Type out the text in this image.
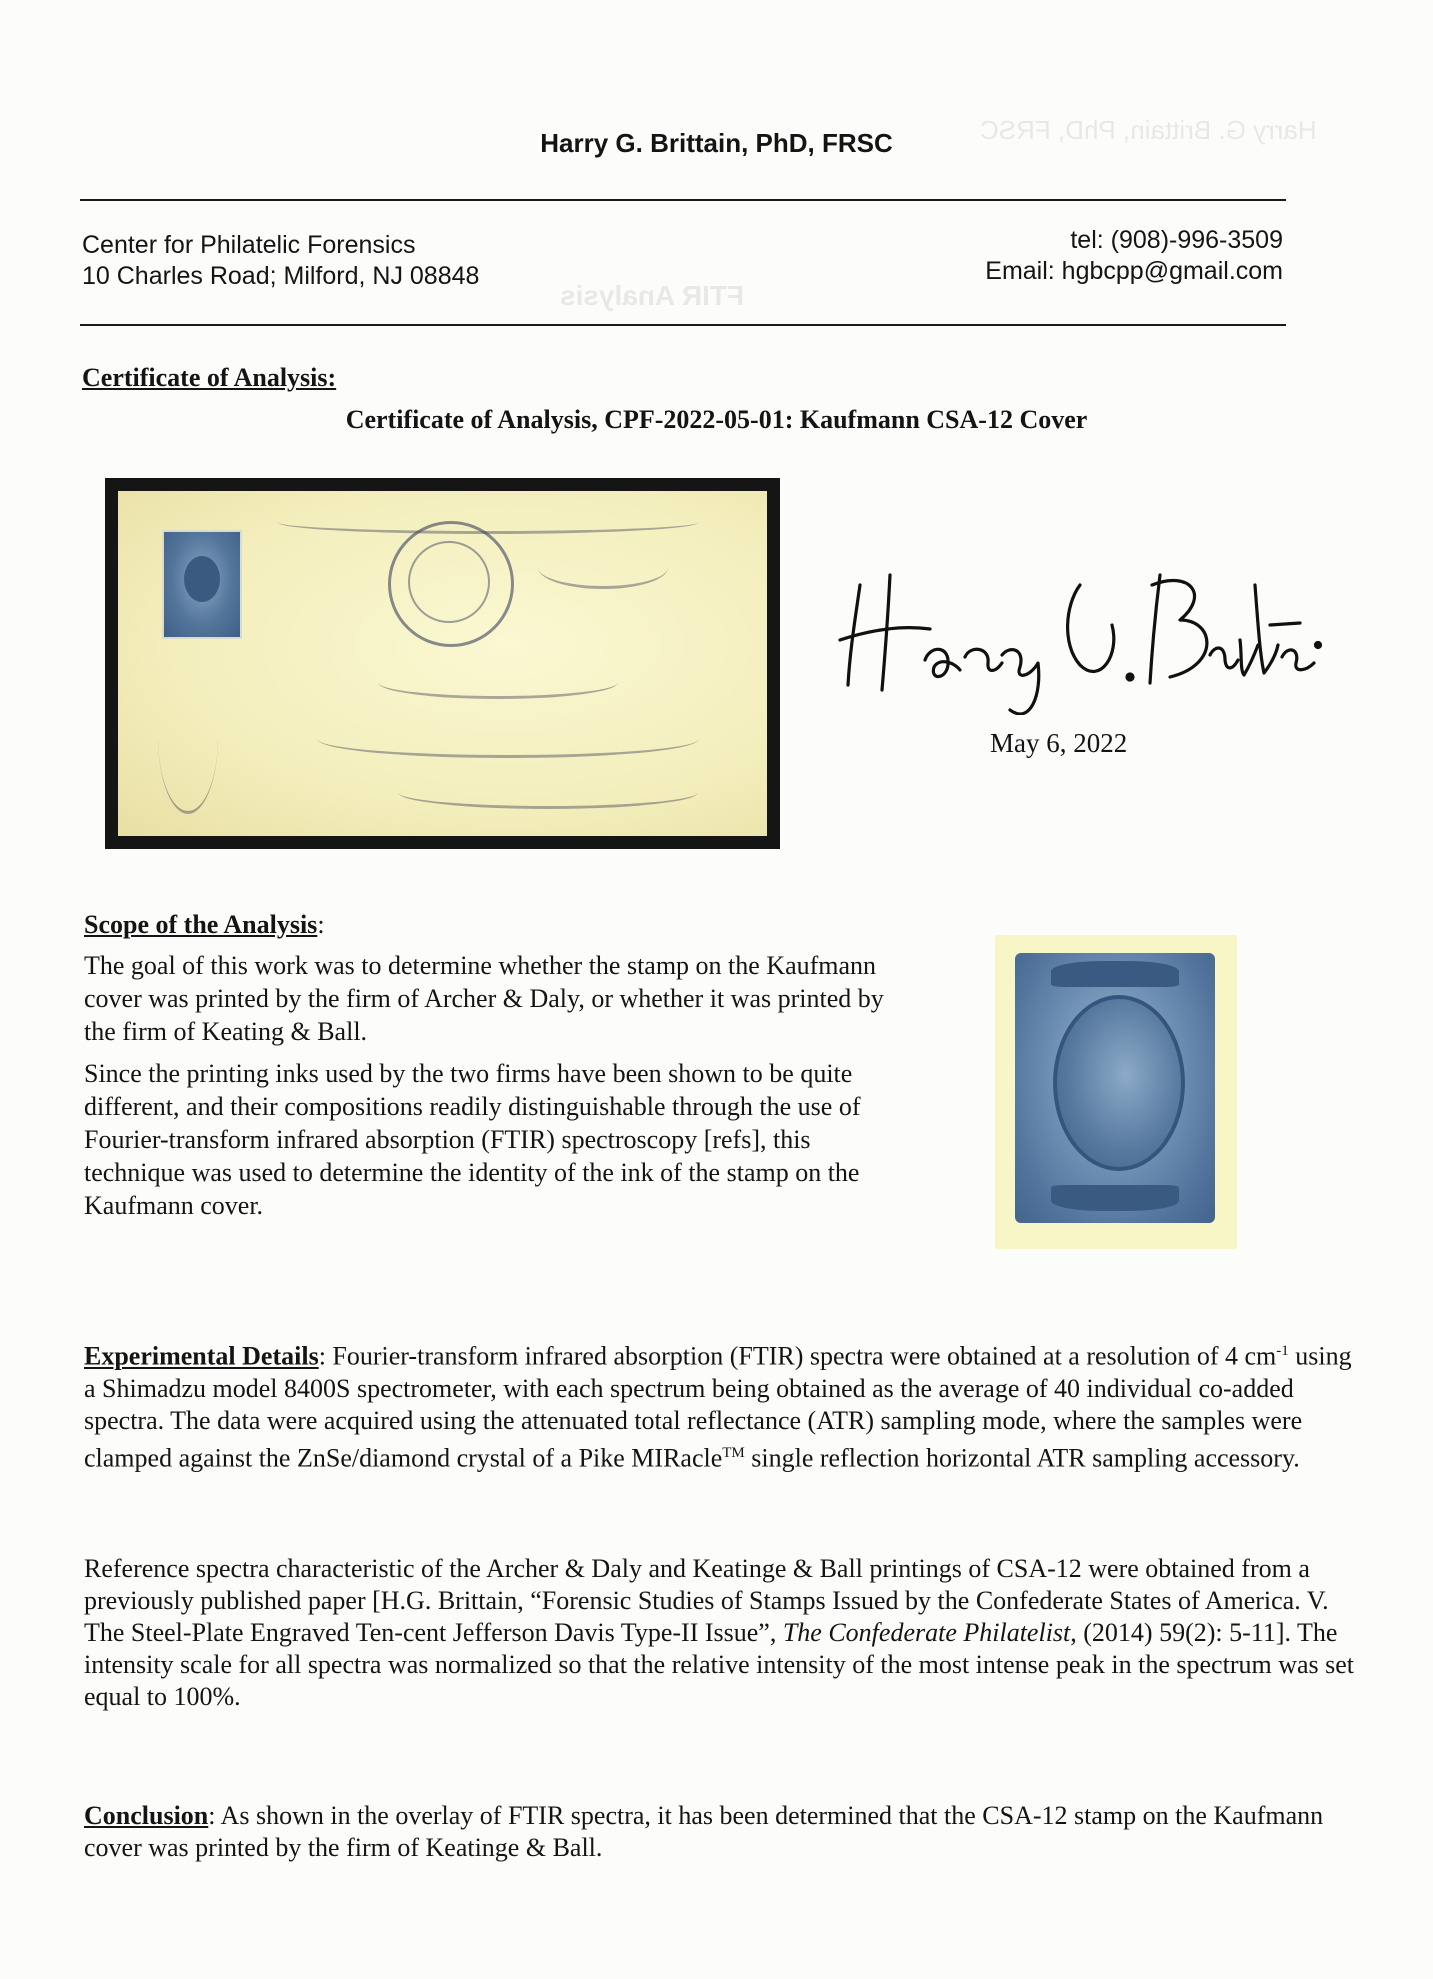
Harry G. Brittain, PhD, FRSC
FTIR Analysis
Harry G. Brittain, PhD, FRSC
Center for Philatelic Forensics
10 Charles Road; Milford, NJ 08848
tel: (908)-996-3509
Email: hgbcpp@gmail.com
Certificate of Analysis:
Certificate of Analysis, CPF-2022-05-01: Kaufmann CSA-12 Cover
May 6, 2022

Scope of the Analysis:

The goal of this work was to determine whether the stamp on the Kaufmann cover was printed by the firm of Archer & Daly, or whether it was printed by the firm of Keating & Ball.

Since the printing inks used by the two firms have been shown to be quite different, and their compositions readily distinguishable through the use of Fourier-transform infrared absorption (FTIR) spectroscopy [refs], this technique was used to determine the identity of the ink of the stamp on the Kaufmann cover.

Experimental Details: Fourier-transform infrared absorption (FTIR) spectra were obtained at a resolution of 4 $cm^{-1}$ using a Shimadzu model 8400S spectrometer, with each spectrum being obtained as the average of 40 individual co-added spectra. The data were acquired using the attenuated total reflectance (ATR) sampling mode, where the samples were clamped against the ZnSe/diamond crystal of a Pike MIRacle™ single reflection horizontal ATR sampling accessory.

Reference spectra characteristic of the Archer & Daly and Keatinge & Ball printings of CSA-12 were obtained from a previously published paper [H.G. Brittain, “Forensic Studies of Stamps Issued by the Confederate States of America. V. The Steel-Plate Engraved Ten-cent Jefferson Davis Type-II Issue”, The Confederate Philatelist, (2014) 59(2): 5-11]. The intensity scale for all spectra was normalized so that the relative intensity of the most intense peak in the spectrum was set equal to 100%.

Conclusion: As shown in the overlay of FTIR spectra, it has been determined that the CSA-12 stamp on the Kaufmann cover was printed by the firm of Keatinge & Ball.
